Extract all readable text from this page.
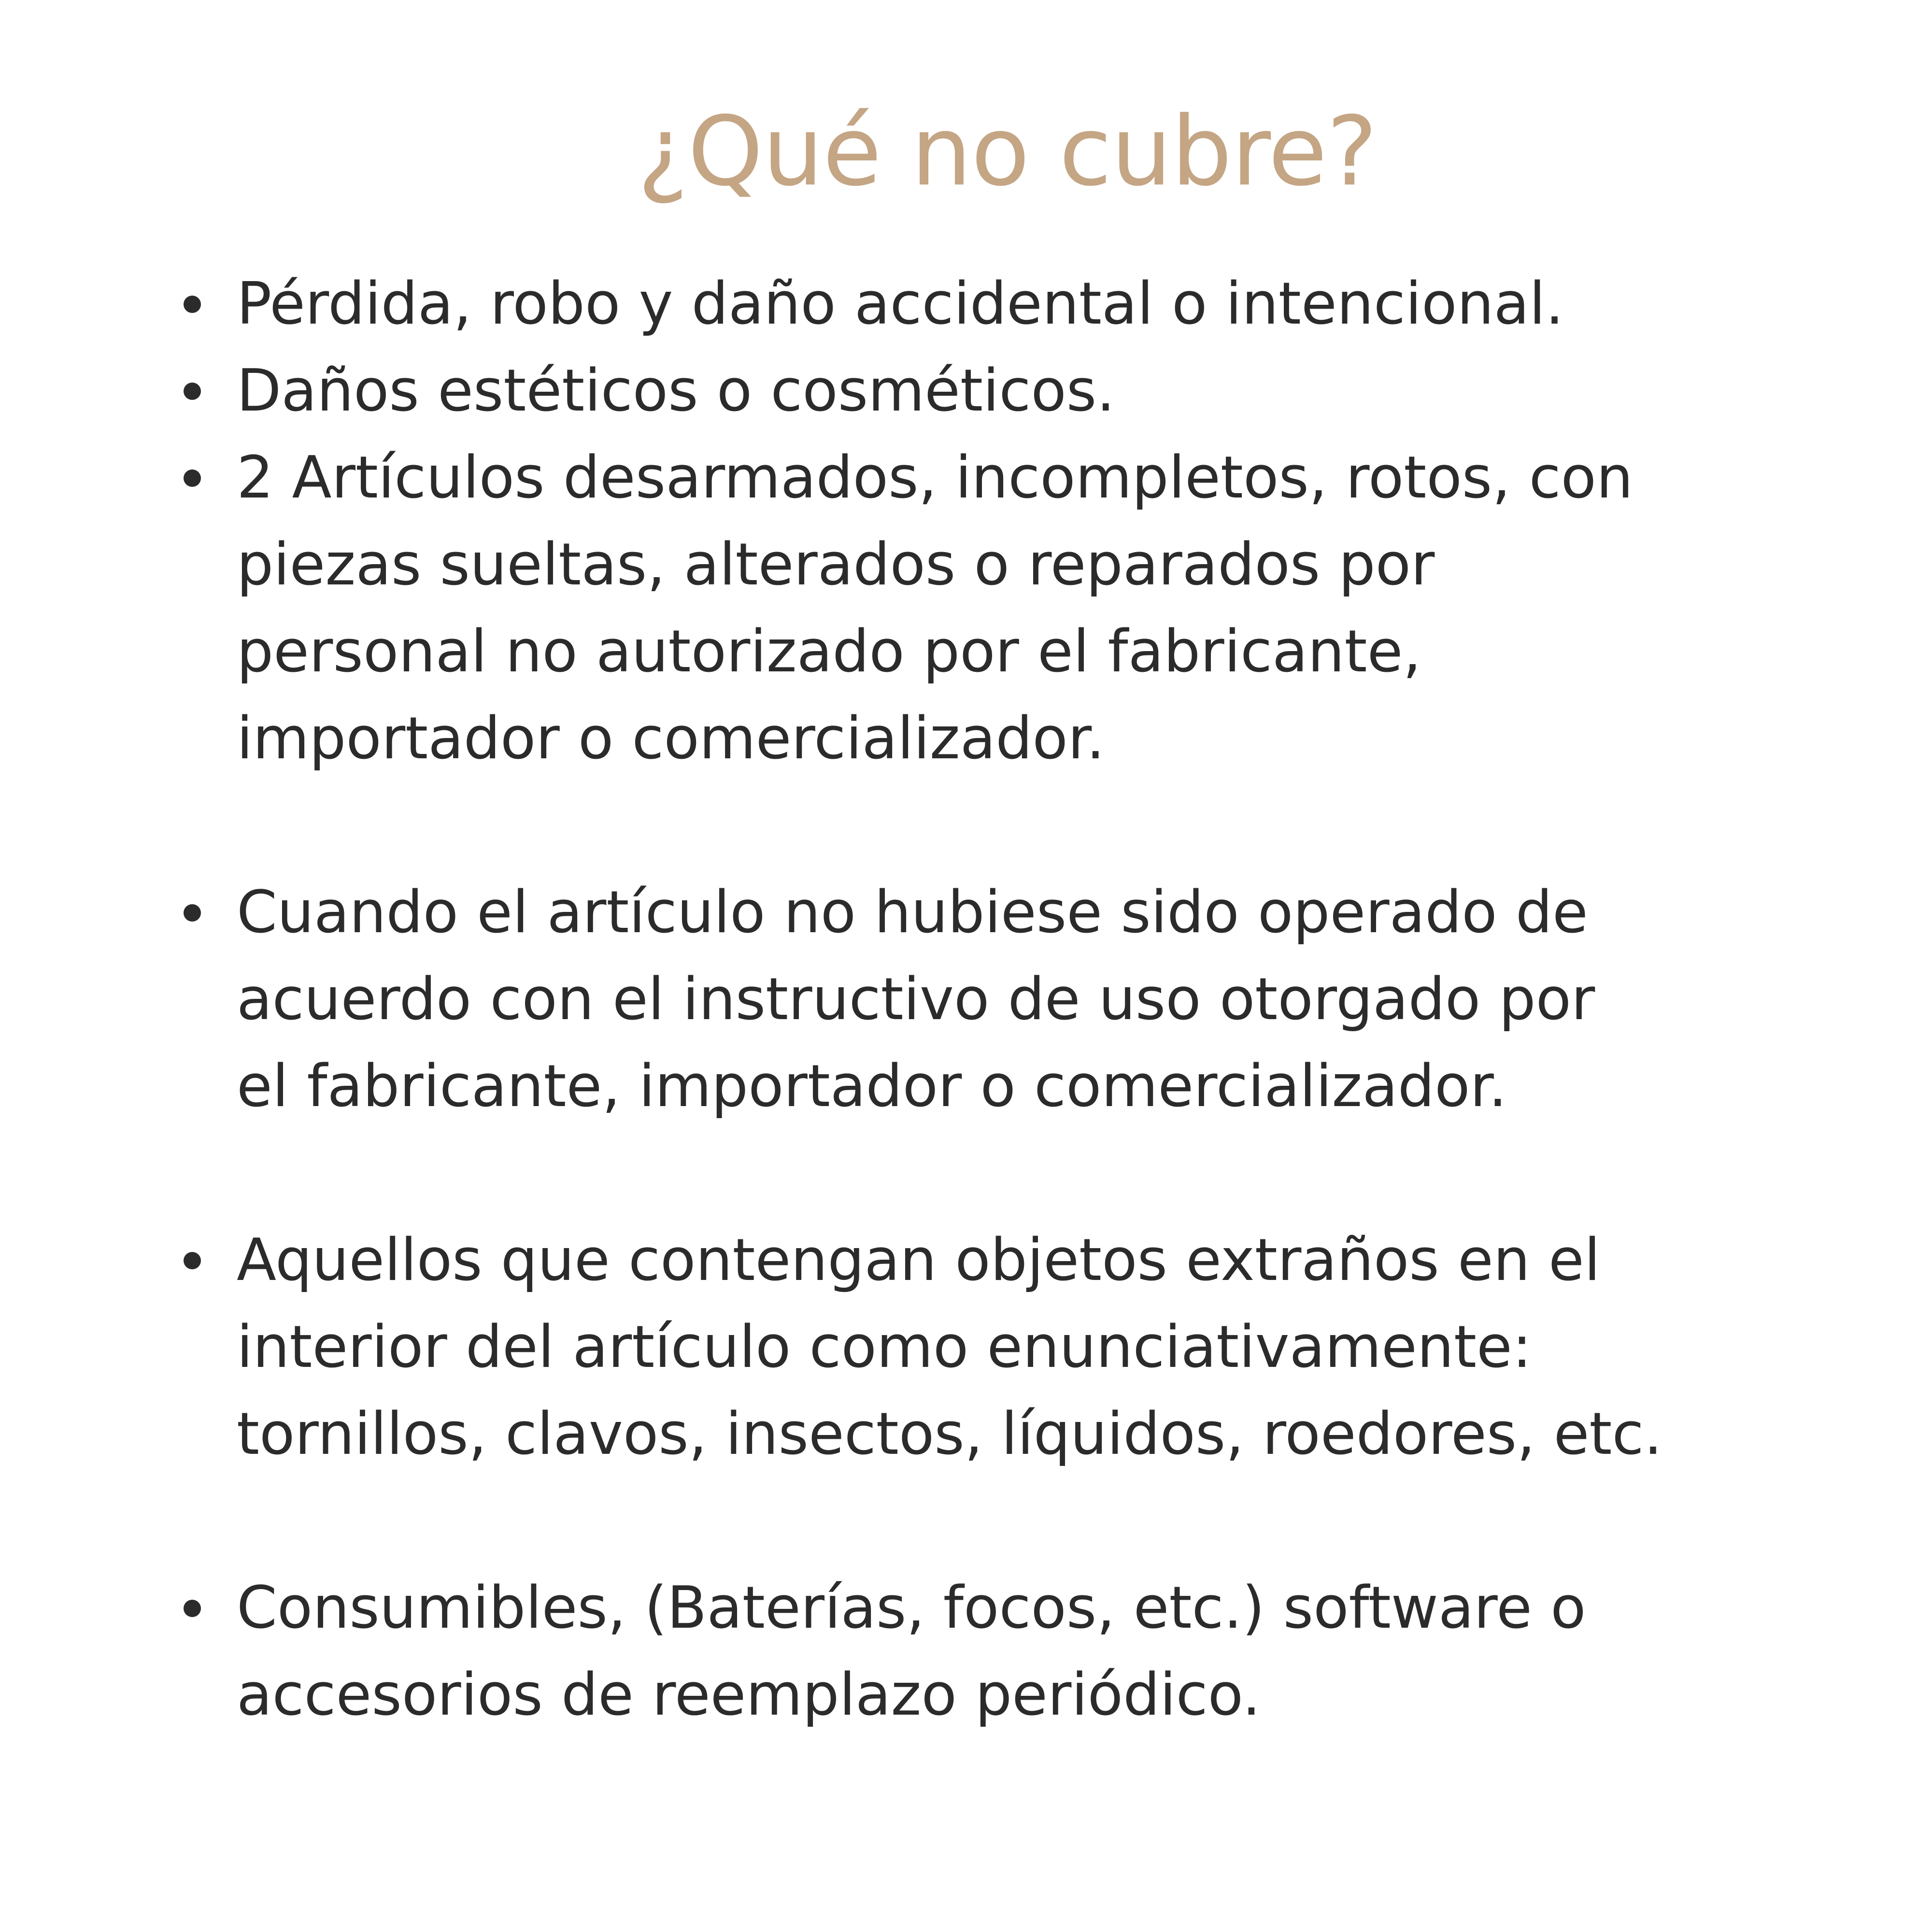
¿Qué no cubre?
Pérdida, robo y daño accidental o intencional.
Daños estéticos o cosméticos.
2 Artículos desarmados, incompletos, rotos, con
piezas sueltas, alterados o reparados por
personal no autorizado por el fabricante,
importador o comercializador.
Cuando el artículo no hubiese sido operado de
acuerdo con el instructivo de uso otorgado por
el fabricante, importador o comercializador.
Aquellos que contengan objetos extraños en el
interior del artículo como enunciativamente:
tornillos, clavos, insectos, líquidos, roedores, etc.
Consumibles, (Baterías, focos, etc.) software o
accesorios de reemplazo periódico.
